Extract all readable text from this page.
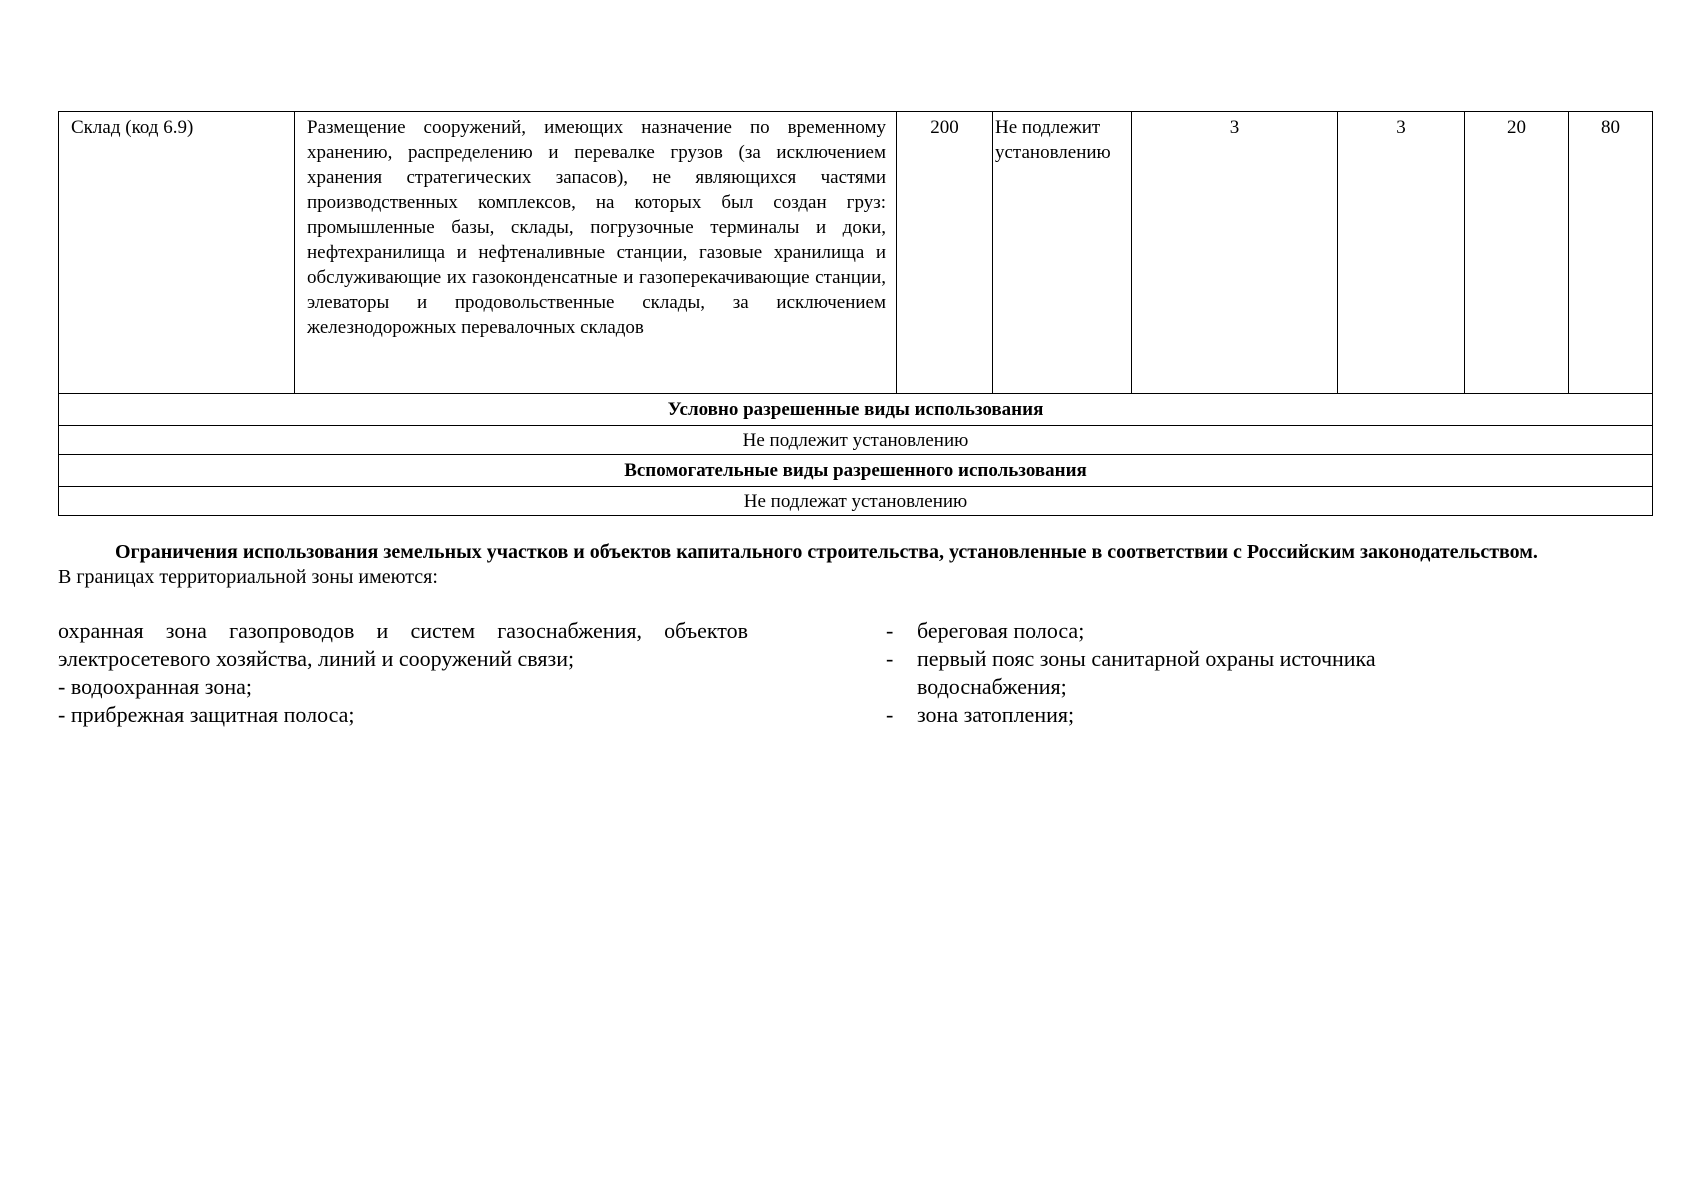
Склад (код 6.9)	Размещение сооружений, имеющих назначение по временному хранению, распределению и перевалке грузов (за исключением хранения стратегических запасов), не являющихся частями производственных комплексов, на которых был создан груз: промышленные базы, склады, погрузочные терминалы и доки, нефтехранилища и нефтеналивные станции, газовые хранилища и обслуживающие их газоконденсатные и газоперекачивающие станции, элеваторы и продовольственные склады, за исключением железнодорожных перевалочных складов	200	Не подлежит установлению	3	3	20	80
Условно разрешенные виды использования
Не подлежит установлению
Вспомогательные виды разрешенного использования
Не подлежат установлению

Ограничения использования земельных участков и объектов капитального строительства, установленные в соответствии с Российским законодательством.

В границах территориальной зоны имеются:

охранная зона газопроводов и систем газоснабжения, объектов электросетевого хозяйства, линий и сооружений связи;
- водоохранная зона;
- прибрежная защитная полоса;
- береговая полоса;
- первый пояс зоны санитарной охраны источника водоснабжения;
- зона затопления;
